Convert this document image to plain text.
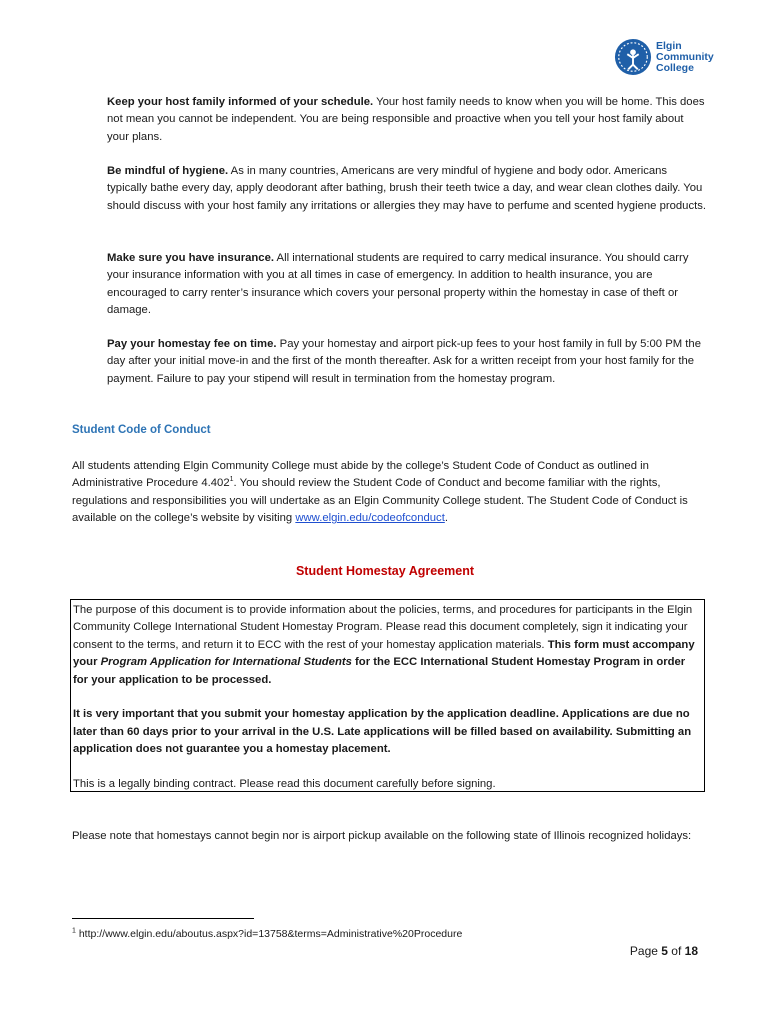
Elgin
Community
College

Keep your host family informed of your schedule. Your host family needs to know when you will be home. This does not mean you cannot be independent. You are being responsible and proactive when you tell your host family about your plans.

Be mindful of hygiene. As in many countries, Americans are very mindful of hygiene and body odor. Americans typically bathe every day, apply deodorant after bathing, brush their teeth twice a day, and wear clean clothes daily. You should discuss with your host family any irritations or allergies they may have to perfume and scented hygiene products.

Make sure you have insurance. All international students are required to carry medical insurance. You should carry your insurance information with you at all times in case of emergency. In addition to health insurance, you are encouraged to carry renter’s insurance which covers your personal property within the homestay in case of theft or damage.

Pay your homestay fee on time. Pay your homestay and airport pick-up fees to your host family in full by 5:00 PM the day after your initial move-in and the first of the month thereafter. Ask for a written receipt from your host family for the payment. Failure to pay your stipend will result in termination from the homestay program.

Student Code of Conduct

All students attending Elgin Community College must abide by the college’s Student Code of Conduct as outlined in Administrative Procedure 4.402$^1$. You should review the Student Code of Conduct and become familiar with the rights, regulations and responsibilities you will undertake as an Elgin Community College student. The Student Code of Conduct is available on the college’s website by visiting www.elgin.edu/codeofconduct.

Student Homestay Agreement

The purpose of this document is to provide information about the policies, terms, and procedures for participants in the Elgin Community College International Student Homestay Program. Please read this document completely, sign it indicating your consent to the terms, and return it to ECC with the rest of your homestay application materials. This form must accompany your Program Application for International Students for the ECC International Student Homestay Program in order for your application to be processed.

It is very important that you submit your homestay application by the application deadline. Applications are due no later than 60 days prior to your arrival in the U.S. Late applications will be filled based on availability. Submitting an application does not guarantee you a homestay placement.

This is a legally binding contract. Please read this document carefully before signing.

Please note that homestays cannot begin nor is airport pickup available on the following state of Illinois recognized holidays:

$^1$ http://www.elgin.edu/aboutus.aspx?id=13758&terms=Administrative%20Procedure

Page 5 of 18
